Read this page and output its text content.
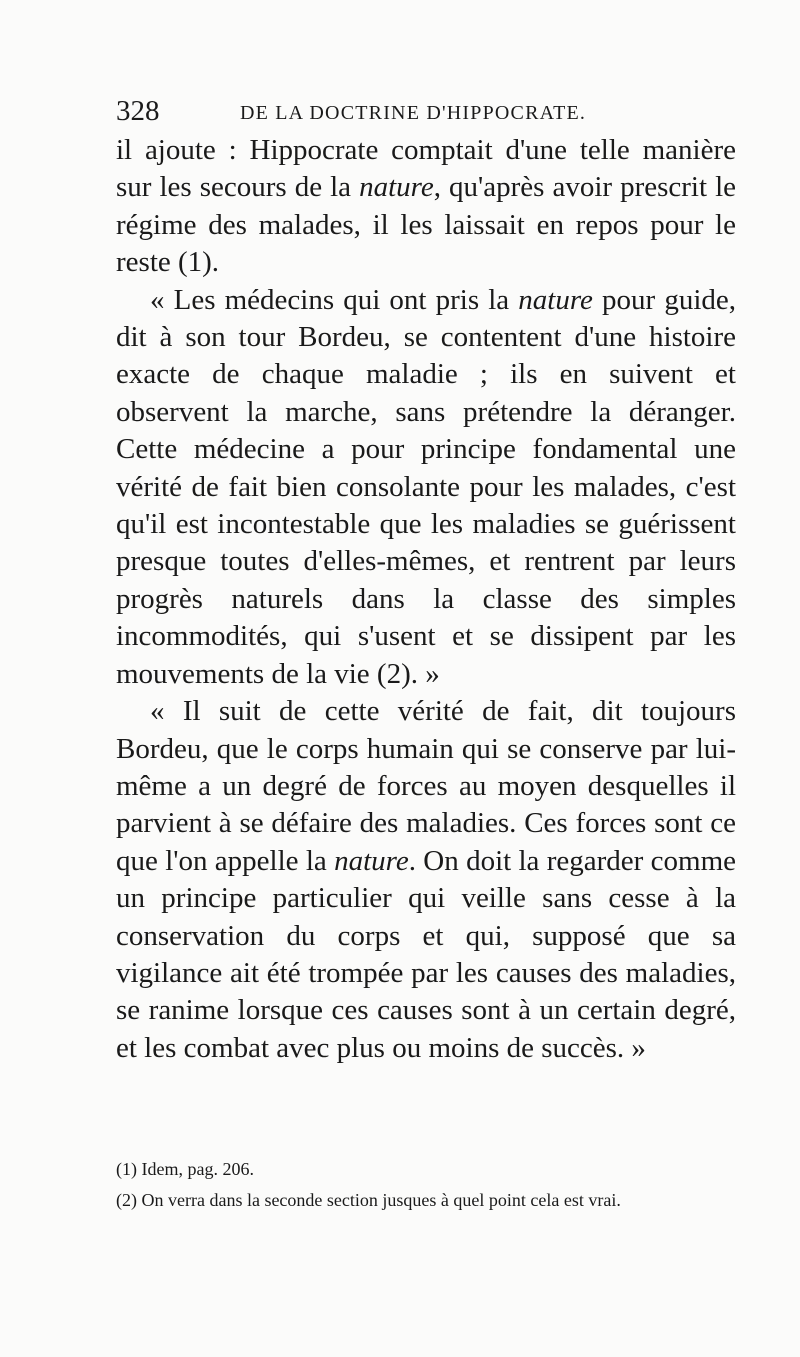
328	DE LA DOCTRINE D'HIPPOCRATE.

il ajoute : Hippocrate comptait d'une telle manière sur les secours de la nature, qu'après avoir prescrit le régime des malades, il les laissait en repos pour le reste (1).

« Les médecins qui ont pris la nature pour guide, dit à son tour Bordeu, se contentent d'une histoire exacte de chaque maladie ; ils en suivent et observent la marche, sans prétendre la déranger. Cette médecine a pour principe fondamental une vérité de fait bien consolante pour les malades, c'est qu'il est incontestable que les maladies se guérissent presque toutes d'elles-mêmes, et rentrent par leurs progrès naturels dans la classe des simples incommodités, qui s'usent et se dissipent par les mouvements de la vie (2). »

« Il suit de cette vérité de fait, dit toujours Bordeu, que le corps humain qui se conserve par lui-même a un degré de forces au moyen desquelles il parvient à se défaire des maladies. Ces forces sont ce que l'on appelle la nature. On doit la regarder comme un principe particulier qui veille sans cesse à la conservation du corps et qui, supposé que sa vigilance ait été trompée par les causes des maladies, se ranime lorsque ces causes sont à un certain degré, et les combat avec plus ou moins de succès. »

(1) Idem, pag. 206.

(2) On verra dans la seconde section jusques à quel point cela est vrai.
